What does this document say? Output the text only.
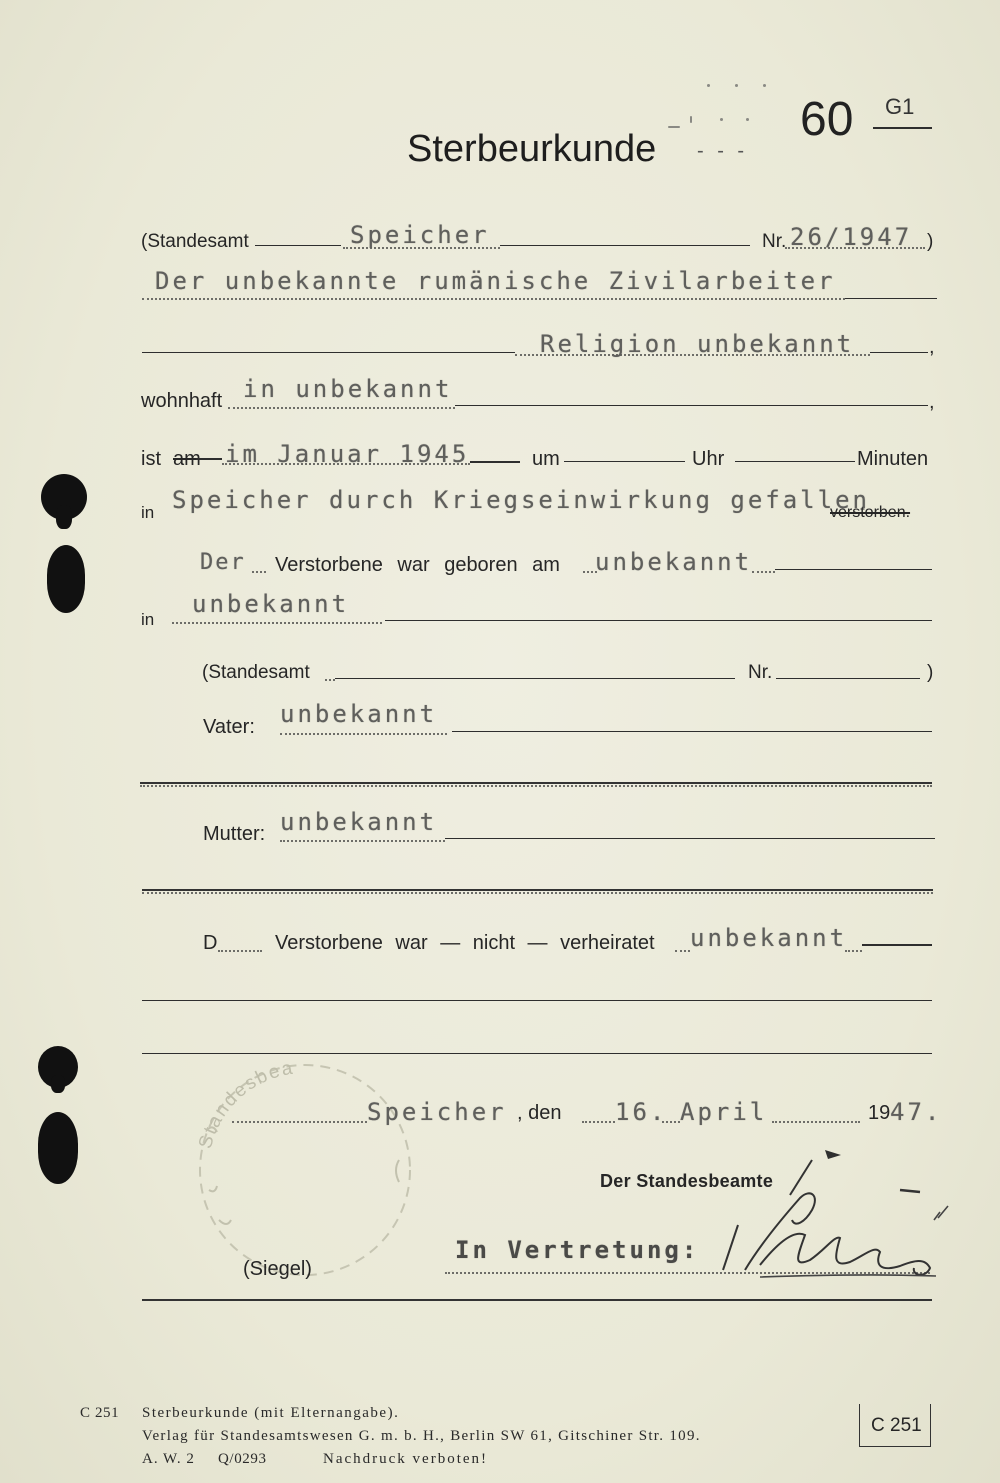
Sterbeurkunde - - -
60 G1
(Standesamt	Speicher	Nr. 26/1947 )
Der unbekannte rumänische Zivilarbeiter
Religion unbekannt	,
wohnhaft in unbekannt	,
ist am im Januar 1945	um	Uhr	Minuten
in	verstorben.
Speicher durch Kriegseinwirkung gefallen
Der Verstorbene war geboren am unbekannt
in
unbekannt
(Standesamt	Nr.	)
Vater: unbekannt
Mutter: unbekannt
D	Verstorbene war — nicht — verheiratet unbekannt
Standesbea
Speicher , den 16. April	19 47.
Der Standesbeamte
In Vertretung:
(Siegel)
C 251 Sterbeurkunde (mit Elternangabe).
Verlag für Standesamtswesen G. m. b. H., Berlin SW 61, Gitschiner Str. 109.
A. W. 2 Q/0293	Nachdruck verboten!
C 251
